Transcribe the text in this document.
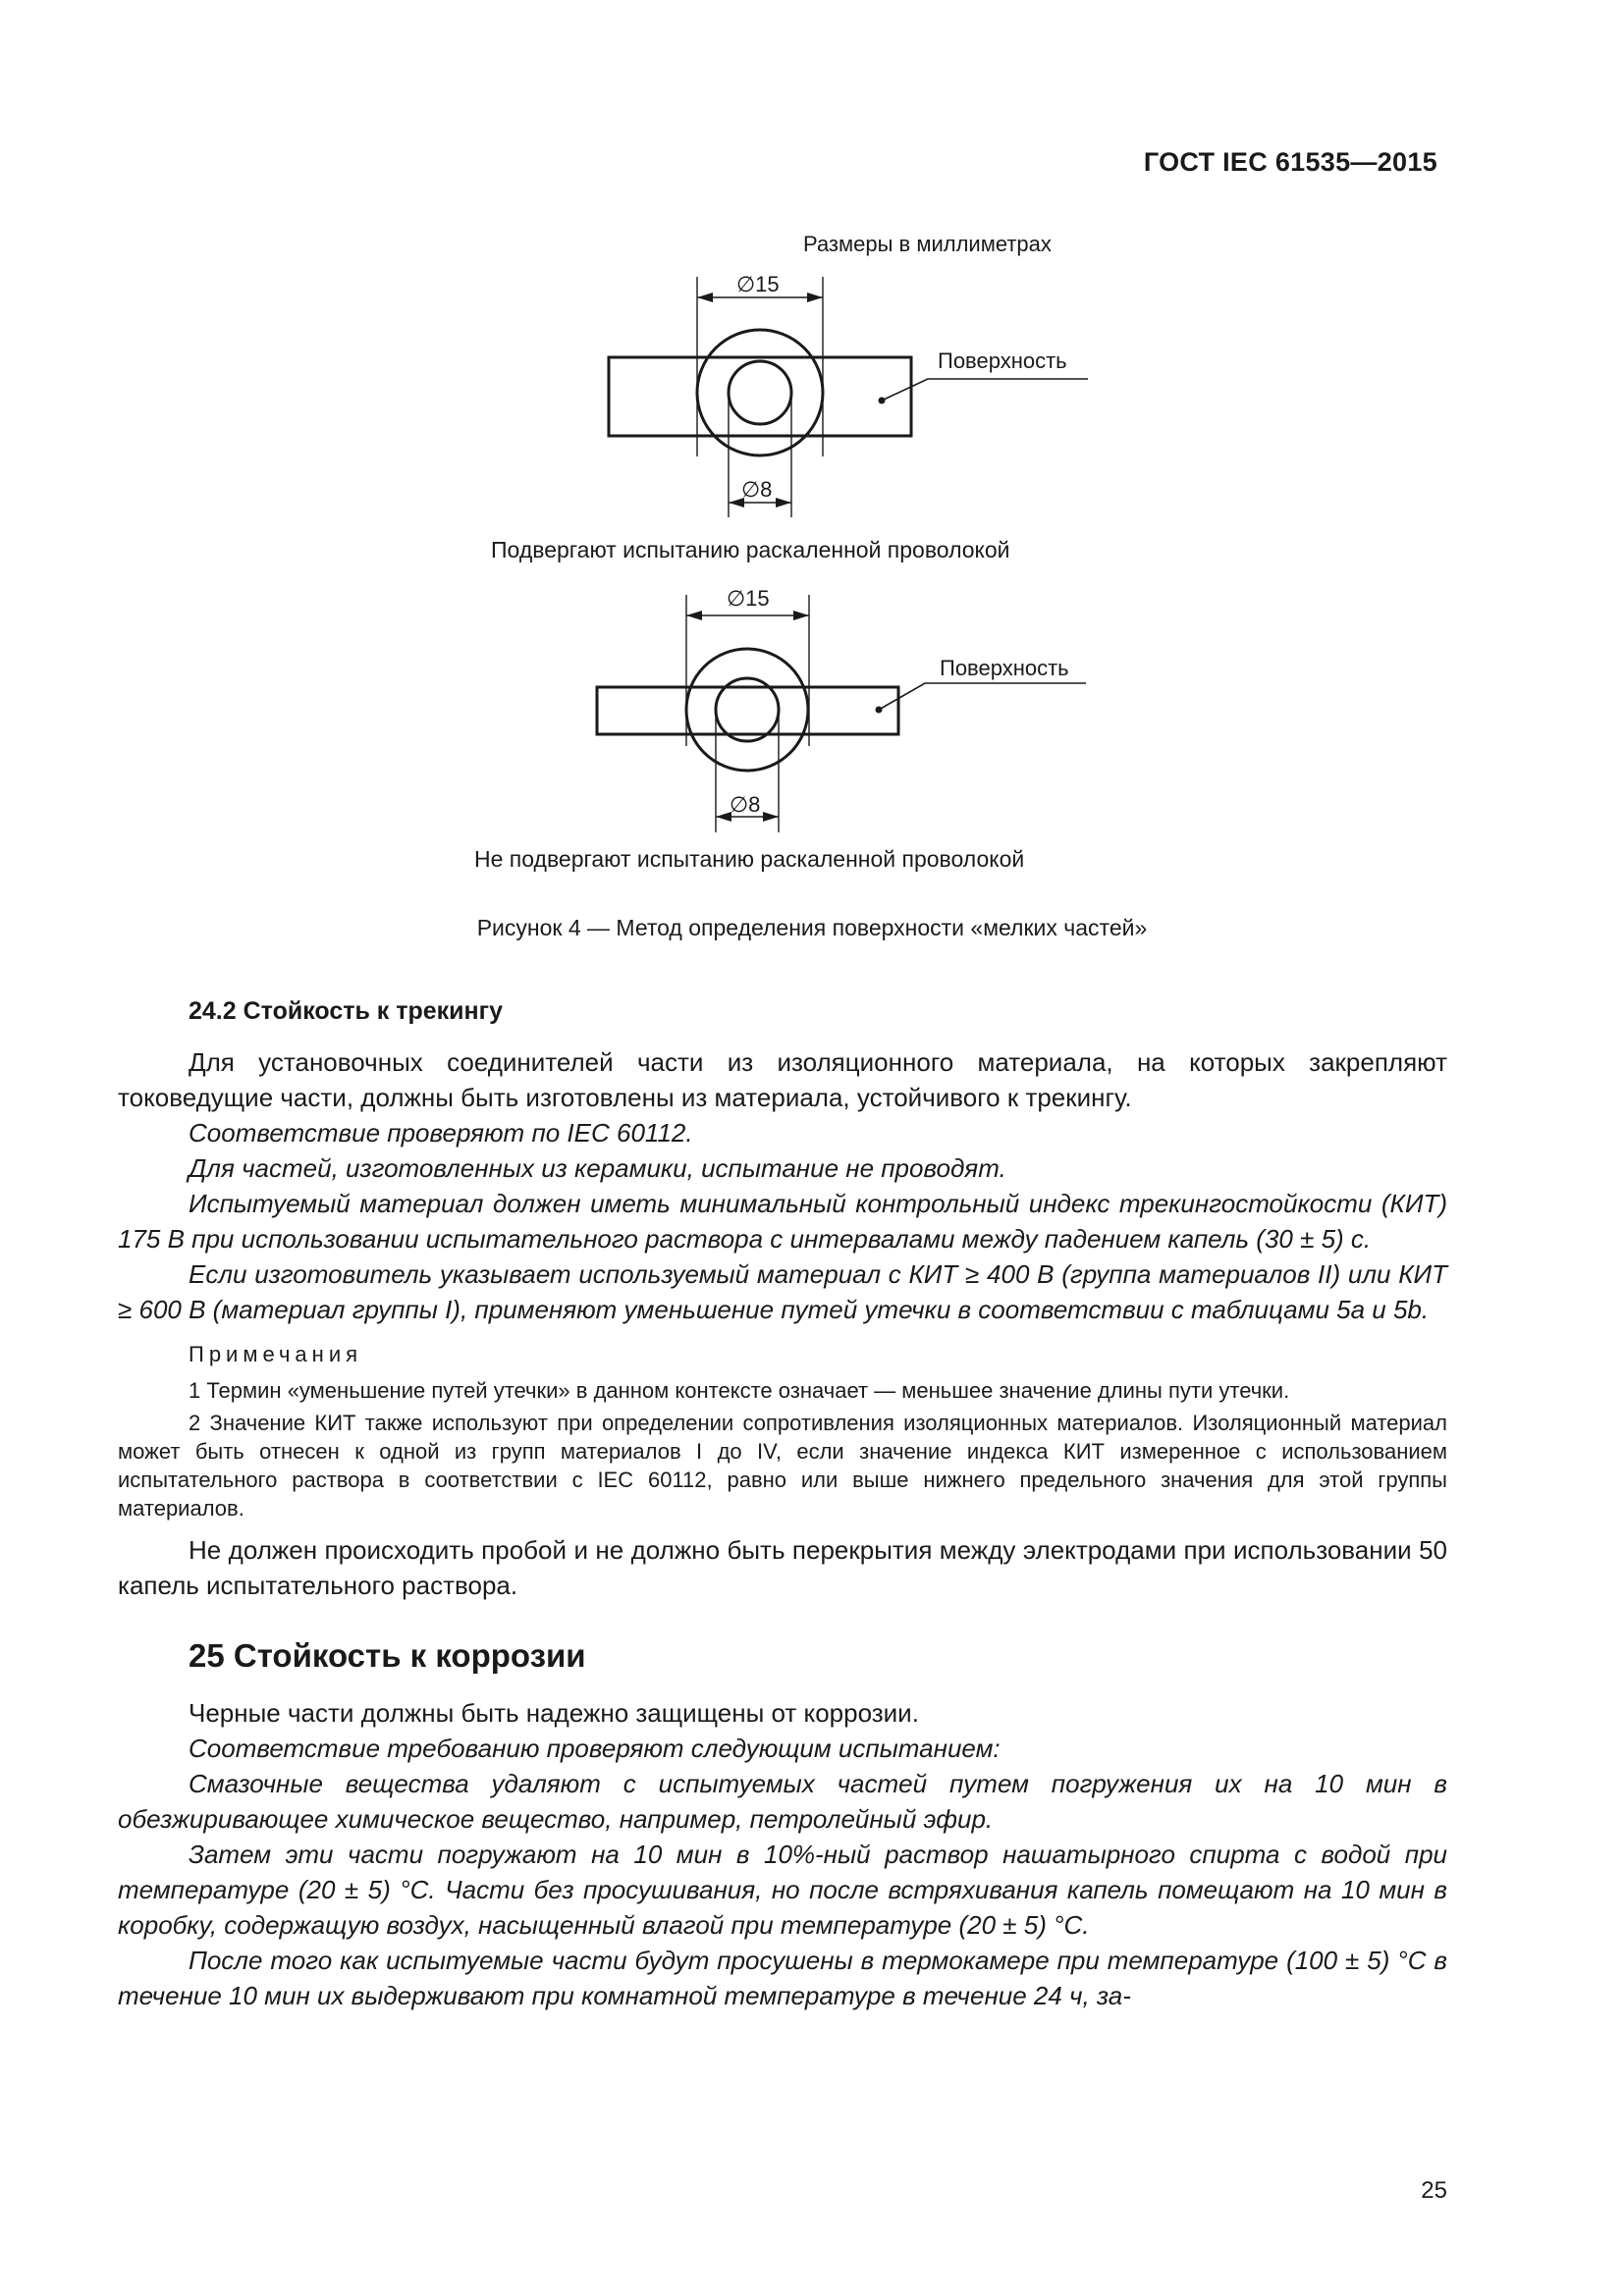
ГОСТ IEC 61535—2015
Размеры в миллиметрах
∅15
Поверхность
∅8
Подвергают испытанию раскаленной проволокой
∅15
Поверхность
∅8
Не подвергают испытанию раскаленной проволокой
Рисунок 4 — Метод определения поверхности «мелких частей»
24.2 Стойкость к трекингу

Для установочных соединителей части из изоляционного материала, на которых закрепляют токоведущие части, должны быть изготовлены из материала, устойчивого к трекингу.

Соответствие проверяют по IEC 60112.

Для частей, изготовленных из керамики, испытание не проводят.

Испытуемый материал должен иметь минимальный контрольный индекс трекингостойкости (КИТ) 175 В при использовании испытательного раствора с интервалами между падением капель (30 ± 5) с.

Если изготовитель указывает используемый материал с КИТ ≥ 400 В (группа материалов II) или КИТ ≥ 600 В (материал группы I), применяют уменьшение путей утечки в соответствии с таблицами 5a и 5b.

Примечания

1 Термин «уменьшение путей утечки» в данном контексте означает — меньшее значение длины пути утечки.

2 Значение КИТ также используют при определении сопротивления изоляционных материалов. Изоляционный материал может быть отнесен к одной из групп материалов I до IV, если значение индекса КИТ измеренное с использованием испытательного раствора в соответствии с IEC 60112, равно или выше нижнего предельного значения для этой группы материалов.

Не должен происходить пробой и не должно быть перекрытия между электродами при использовании 50 капель испытательного раствора.

25 Стойкость к коррозии

Черные части должны быть надежно защищены от коррозии.

Соответствие требованию проверяют следующим испытанием:

Смазочные вещества удаляют с испытуемых частей путем погружения их на 10 мин в обезжиривающее химическое вещество, например, петролейный эфир.

Затем эти части погружают на 10 мин в 10%-ный раствор нашатырного спирта с водой при температуре (20 ± 5) °С. Части без просушивания, но после встряхивания капель помещают на 10 мин в коробку, содержащую воздух, насыщенный влагой при температуре (20 ± 5) °С.

После того как испытуемые части будут просушены в термокамере при температуре (100 ± 5) °С в течение 10 мин их выдерживают при комнатной температуре в течение 24 ч, за-

25
